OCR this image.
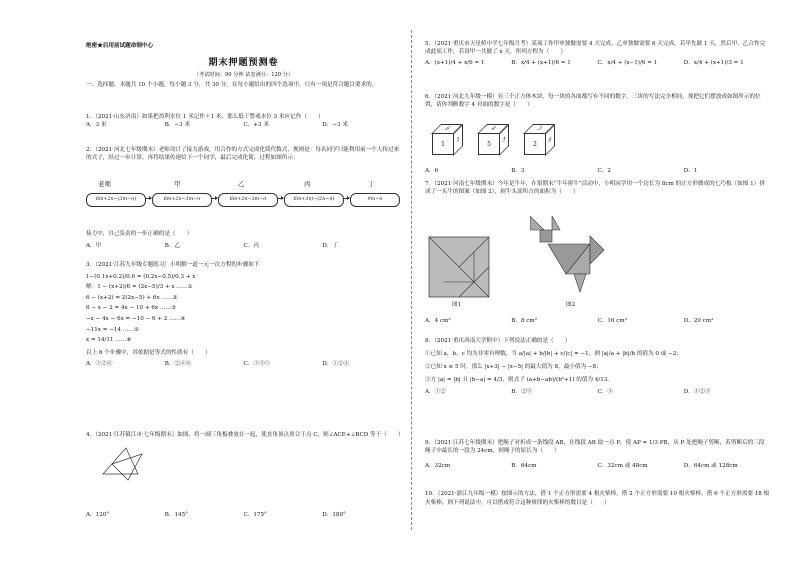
绝密★启用前试题命制中心
期末押题预测卷
（考试时间：90 分钟 试卷满分：120 分）
一、选择题，本题共 10 个小题，每小题 3 分，共 30 分。在每小题给出的四个选项中，只有一项是符合题目要求的。
1．（2021·山东济南）如果把盈利水位 1 米记作＋1 米，那么低于警戒水位 3 米应记作（　　）
A．3 米	B．−3 米	C．+3 米	D．−3 米
2．（2021·河北七年级期末）老师设计了接力游戏，用合作的方式完成化简代数式，规则是：每名同学只能利用前一个人传过来的式子，经过一步计算，再将结果传递给下一个同学，最后完成化简，过程如图所示：
老师	甲	乙	丙	丁
6m+2n−(3m−n)	6m+2n−3m−n	6m+2n−3m−n	6m+3n)−(2n−n)	9m−n
接力中，自己负责的一步正确的是（　　）
A．甲	B．乙	C．丙	D．丁
3．（2021·江苏九年级专题练习）小明解一道一元一次方程的步骤如下
1−(0.1x+0.2)/0.6 = (0.2x−0.5)/0.3 + x
解：1 − (x+2)/6 = (2x−5)/3 + x ……①
6 − (x+2) = 2(2x−5) + 6x ……②
6 − x − 2 = 4x − 10 + 6x ……③
−x − 4x − 6x = −10 − 6 + 2 ……④
−11x = −14 ……⑤
x = 14/11 ……⑥
以上 6 个步骤中，其依据是等式的性质有（　　）
A．①②⑥	B．②④⑥	C．①③⑤	D．①②④
4．（2021·江苏镇江市·七年级期末）如图，将一副三角板叠放在一起，使直角顶点重合于点 C，则∠ACE+∠BCD 等于（　　）
A．120°	B．145°	C．175°	D．180°
5．（2021·重庆市天星桥中学七年级月考）某项工作甲单独做需要 4 天完成，乙单独做需要 6 天完成，若甲先做 1 天，然后甲、乙合作完成此项工作，若设甲一共做了 x 天，所列方程为（　　）
A．(x+1)/4 + x/6 = 1	B．x/4 + (x+1)/6 = 1	C．x/4 + (x−1)/6 = 1	D．x/4 + (x+1)/3 = 1
6．（2021·河北九年级一模）有三个正方体木块，每一块的各面都写有不同的数字，三块的写法完全相同，现把它们摆放成如图所示的位置，请你判断数字 4 对面的数字是（　　）
1
6
2	5
4
3	2
3
6
A．6	B．3	C．2	D．1
7．（2021·河南七年级期末）今年是牛年，在很期末“牛年拼牛”活动中，小明同学用一个边长为 8cm 的正方形做成的七巧板（如图 1）拼成了一头牛的图案（如图 2），则牛头部所占的面积为（　　）
图1	图2
A．4 cm²	B．8 cm²	C．16 cm²	D．20 cm²
8．（2021·重庆西南大学附中）下列说法正确的是（　　）
①已知 a，b，c 均为非零有理数，当 a/|a| + b/|b| + c/|c| = −1，则 |a|/a + |b|/b 的值为 0 或 −2；
②已知 x ≤ 5 时，那么 |x+3| − |x−5| 的最大值为 8，最小值为 −8；
③方 |a| = |b| 且 |b−a| = 4/3，则式子 (a+b−ab)/(b²+1) 的值为 4/13。
A．①②	B．②③	C．③	D．①②③
9．（2021·江苏七年级期末）把绳子对折成一条线段 AB，在线段 AB 取一点 P，使 AP = 1/3 PB，从 P 处把绳子剪断，若剪断后的三段绳子中最长的一段为 24cm，则绳子的原长为（　　）
A．32cm	B．64cm	C．32cm 或 48cm	D．64cm 或 128cm
10．（2021·浙江九年级一模）按图示的方法，搭 1 个正方形需要 4 根火柴棒，搭 2 个正方形需要 10 根火柴棒，搭 6 个正方形需要 18 根火柴棒，则下列说法中，可以搭成符合这种规律的火柴棒的数目是（　　）
